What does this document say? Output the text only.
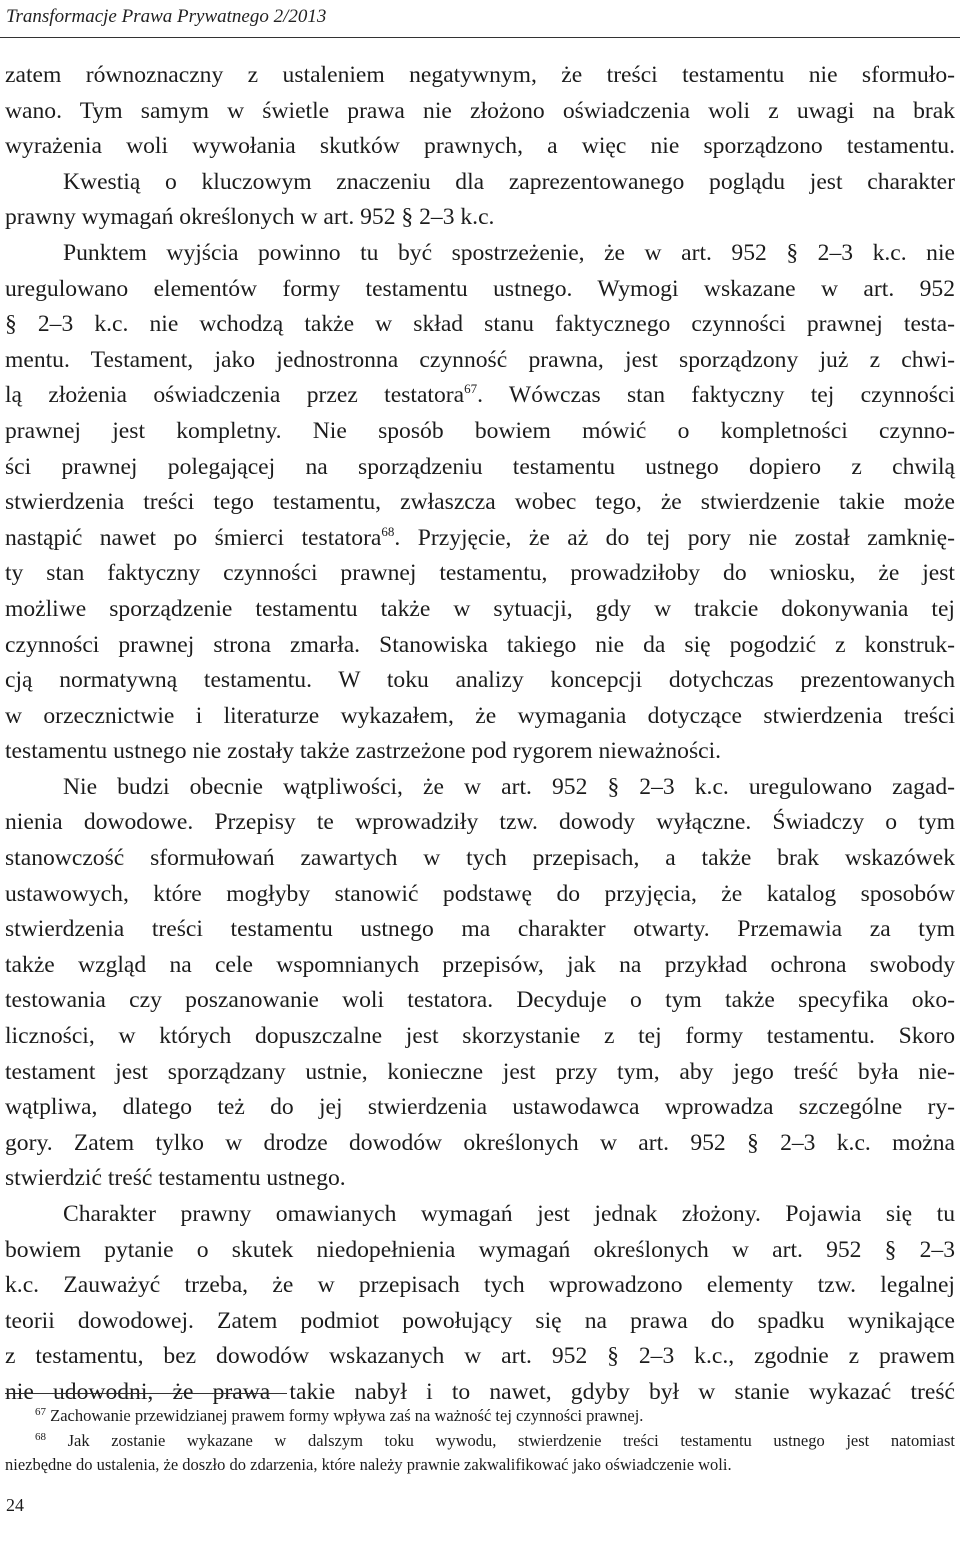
Transformacje Prawa Prywatnego 2/2013
zatem równoznaczny z ustaleniem negatywnym, że treści testamentu nie sformuło-
wano. Tym samym w świetle prawa nie złożono oświadczenia woli z uwagi na brak
wyrażenia woli wywołania skutków prawnych, a więc nie sporządzono testamentu.
Kwestią o kluczowym znaczeniu dla zaprezentowanego poglądu jest charakter
prawny wymagań określonych w art. 952 § 2–3 k.c.
Punktem wyjścia powinno tu być spostrzeżenie, że w art. 952 § 2–3 k.c. nie
uregulowano elementów formy testamentu ustnego. Wymogi wskazane w art. 952
§ 2–3 k.c. nie wchodzą także w skład stanu faktycznego czynności prawnej testa-
mentu. Testament, jako jednostronna czynność prawna, jest sporządzony już z chwi-
lą złożenia oświadczenia przez testatora$^{67}$. Wówczas stan faktyczny tej czynności
prawnej jest kompletny. Nie sposób bowiem mówić o kompletności czynno-
ści prawnej polegającej na sporządzeniu testamentu ustnego dopiero z chwilą
stwierdzenia treści tego testamentu, zwłaszcza wobec tego, że stwierdzenie takie może
nastąpić nawet po śmierci testatora$^{68}$. Przyjęcie, że aż do tej pory nie został zamknię-
ty stan faktyczny czynności prawnej testamentu, prowadziłoby do wniosku, że jest
możliwe sporządzenie testamentu także w sytuacji, gdy w trakcie dokonywania tej
czynności prawnej strona zmarła. Stanowiska takiego nie da się pogodzić z konstruk-
cją normatywną testamentu. W toku analizy koncepcji dotychczas prezentowanych
w orzecznictwie i literaturze wykazałem, że wymagania dotyczące stwierdzenia treści
testamentu ustnego nie zostały także zastrzeżone pod rygorem nieważności.
Nie budzi obecnie wątpliwości, że w art. 952 § 2–3 k.c. uregulowano zagad-
nienia dowodowe. Przepisy te wprowadziły tzw. dowody wyłączne. Świadczy o tym
stanowczość sformułowań zawartych w tych przepisach, a także brak wskazówek
ustawowych, które mogłyby stanowić podstawę do przyjęcia, że katalog sposobów
stwierdzenia treści testamentu ustnego ma charakter otwarty. Przemawia za tym
także wzgląd na cele wspomnianych przepisów, jak na przykład ochrona swobody
testowania czy poszanowanie woli testatora. Decyduje o tym także specyfika oko-
liczności, w których dopuszczalne jest skorzystanie z tej formy testamentu. Skoro
testament jest sporządzany ustnie, konieczne jest przy tym, aby jego treść była nie-
wątpliwa, dlatego też do jej stwierdzenia ustawodawca wprowadza szczególne ry-
gory. Zatem tylko w drodze dowodów określonych w art. 952 § 2–3 k.c. można
stwierdzić treść testamentu ustnego.
Charakter prawny omawianych wymagań jest jednak złożony. Pojawia się tu
bowiem pytanie o skutek niedopełnienia wymagań określonych w art. 952 § 2–3
k.c. Zauważyć trzeba, że w przepisach tych wprowadzono elementy tzw. legalnej
teorii dowodowej. Zatem podmiot powołujący się na prawa do spadku wynikające
z testamentu, bez dowodów wskazanych w art. 952 § 2–3 k.c., zgodnie z prawem
nie udowodni, że prawa takie nabył i to nawet, gdyby był w stanie wykazać treść
$^{67}$ Zachowanie przewidzianej prawem formy wpływa zaś na ważność tej czynności prawnej.
$^{68}$ Jak zostanie wykazane w dalszym toku wywodu, stwierdzenie treści testamentu ustnego jest natomiast
niezbędne do ustalenia, że doszło do zdarzenia, które należy prawnie zakwalifikować jako oświadczenie woli.
24
